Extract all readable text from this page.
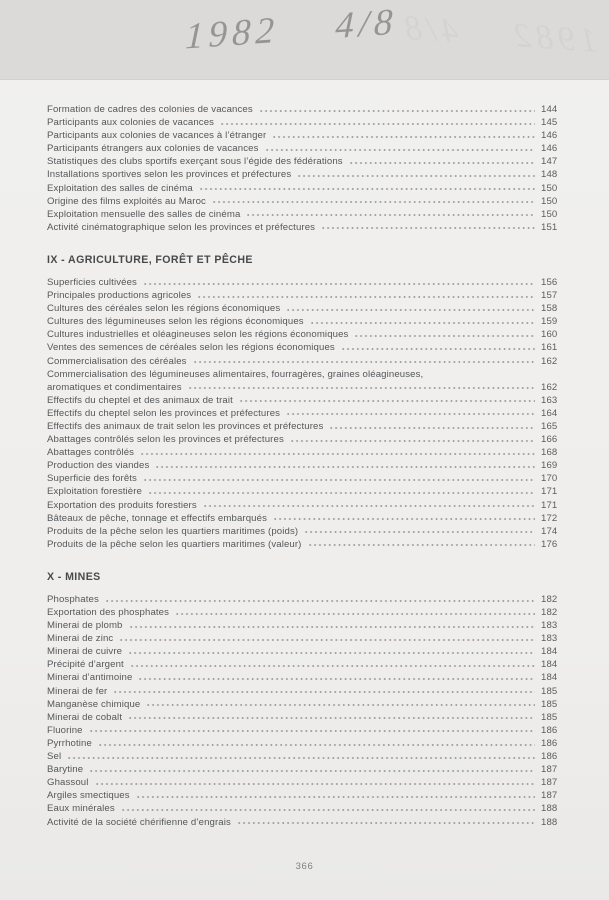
1982  4/8
1982  4/8
Formation de cadres des colonies de vacances	144
Participants aux colonies de vacances	145
Participants aux colonies de vacances à l’étranger	146
Participants étrangers aux colonies de vacances	146
Statistiques des clubs sportifs exerçant sous l’égide des fédérations	147
Installations sportives selon les provinces et préfectures	148
Exploitation des salles de cinéma	150
Origine des films exploités au Maroc	150
Exploitation mensuelle des salles de cinéma	150
Activité cinématographique selon les provinces et préfectures	151
IX - AGRICULTURE, FORÊT ET PÊCHE
Superficies cultivées	156
Principales productions agricoles	157
Cultures des céréales selon les régions économiques	158
Cultures des légumineuses selon les régions économiques	159
Cultures industrielles et oléagineuses selon les régions économiques	160
Ventes des semences de céréales selon les régions économiques	161
Commercialisation des céréales	162
Commercialisation des légumineuses alimentaires, fourragères, graines oléagineuses,
aromatiques et condimentaires	162
Effectifs du cheptel et des animaux de trait	163
Effectifs du cheptel selon les provinces et préfectures	164
Effectifs des animaux de trait selon les provinces et préfectures	165
Abattages contrôlés selon les provinces et préfectures	166
Abattages contrôlés	168
Production des viandes	169
Superficie des forêts	170
Exploitation forestière	171
Exportation des produits forestiers	171
Bâteaux de pêche, tonnage et effectifs embarqués	172
Produits de la pêche selon les quartiers maritimes (poids)	174
Produits de la pêche selon les quartiers maritimes (valeur)	176
X - MINES
Phosphates	182
Exportation des phosphates	182
Minerai de plomb	183
Minerai de zinc	183
Minerai de cuivre	184
Précipité d’argent	184
Minerai d’antimoine	184
Minerai de fer	185
Manganèse chimique	185
Minerai de cobalt	185
Fluorine	186
Pyrrhotine	186
Sel	186
Barytine	187
Ghassoul	187
Argiles smectiques	187
Eaux minérales	188
Activité de la société chérifienne d’engrais	188
366
